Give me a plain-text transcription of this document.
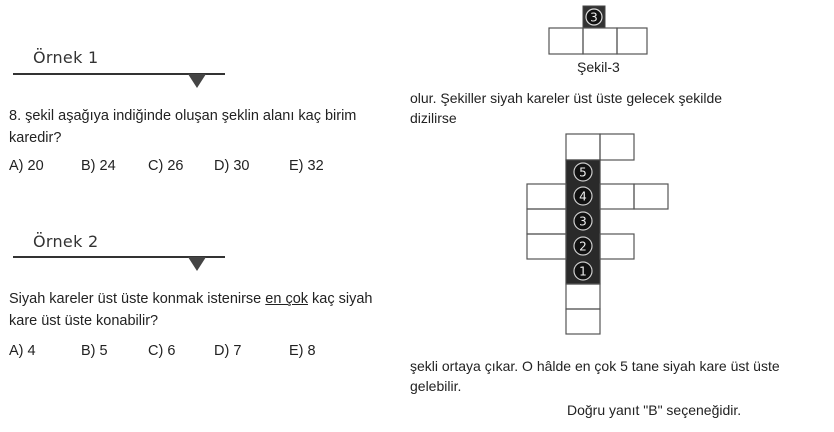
Örnek 1
8. şekil aşağıya indiğinde oluşan şeklin alanı kaç birim karedir?
A) 20	B) 24 C) 26 D) 30	E) 32
Örnek 2
Siyah kareler üst üste konmak istenirse en çok kaç siyah kare üst üste konabilir?
A) 4	B) 5	C) 6	D) 7	E) 8
3
Şekil-3
olur. Şekiller siyah kareler üst üste gelecek şekilde dizilirse
5
4
3
2
1
şekli ortaya çıkar. O hâlde en çok 5 tane siyah kare üst üste gelebilir.
Doğru yanıt "B" seçeneğidir.
